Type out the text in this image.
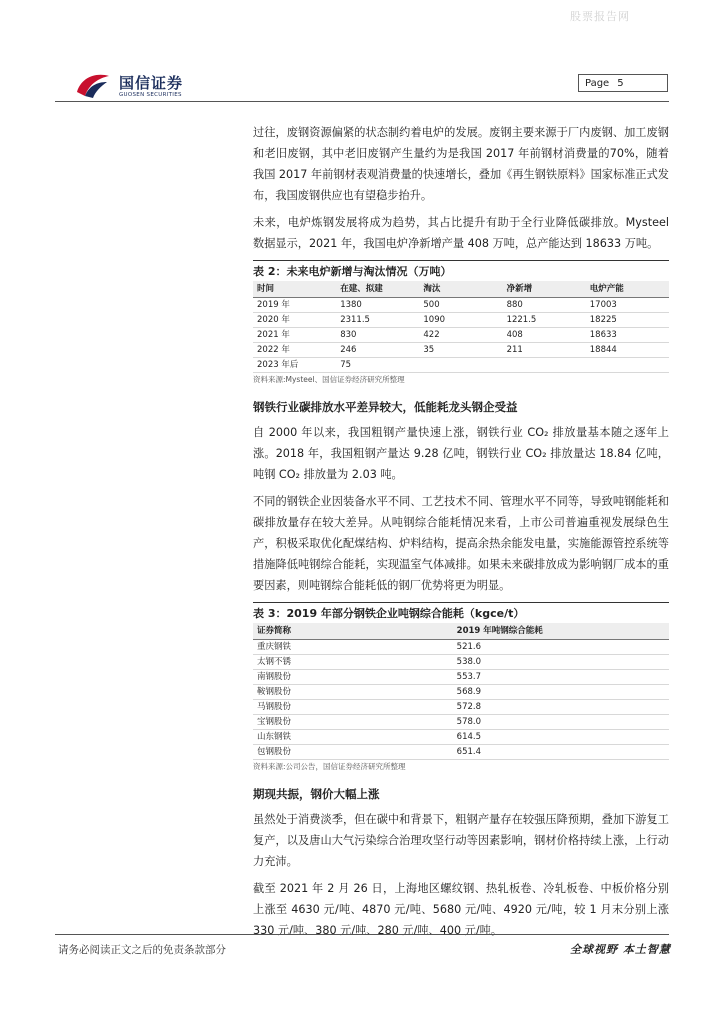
股票报告网
国信证券
GUOSEN SECURITIES
Page 5

过往，废钢资源偏紧的状态制约着电炉的发展。废钢主要来源于厂内废钢、加工废钢和老旧废钢，其中老旧废钢产生量约为是我国 2017 年前钢材消费量的70%，随着我国 2017 年前钢材表观消费量的快速增长，叠加《再生钢铁原料》国家标准正式发布，我国废钢供应也有望稳步抬升。

未来，电炉炼钢发展将成为趋势，其占比提升有助于全行业降低碳排放。Mysteel 数据显示，2021 年，我国电炉净新增产量 408 万吨，总产能达到 18633 万吨。

表 2：未来电炉新增与淘汰情况（万吨）
时间	在建、拟建	淘汰	净新增	电炉产能
2019 年	1380	500	880	17003
2020 年	2311.5	1090	1221.5	18225
2021 年	830	422	408	18633
2022 年	246	35	211	18844
2023 年后	75			
资料来源:Mysteel、国信证券经济研究所整理
钢铁行业碳排放水平差异较大，低能耗龙头钢企受益

自 2000 年以来，我国粗钢产量快速上涨，钢铁行业 CO₂ 排放量基本随之逐年上涨。2018 年，我国粗钢产量达 9.28 亿吨，钢铁行业 CO₂ 排放量达 18.84 亿吨，吨钢 CO₂ 排放量为 2.03 吨。

不同的钢铁企业因装备水平不同、工艺技术不同、管理水平不同等，导致吨钢能耗和碳排放量存在较大差异。从吨钢综合能耗情况来看，上市公司普遍重视发展绿色生产，积极采取优化配煤结构、炉料结构，提高余热余能发电量，实施能源管控系统等措施降低吨钢综合能耗，实现温室气体减排。如果未来碳排放成为影响钢厂成本的重要因素，则吨钢综合能耗低的钢厂优势将更为明显。

表 3：2019 年部分钢铁企业吨钢综合能耗（kgce/t）
证券简称	2019 年吨钢综合能耗
重庆钢铁	521.6
太钢不锈	538.0
南钢股份	553.7
鞍钢股份	568.9
马钢股份	572.8
宝钢股份	578.0
山东钢铁	614.5
包钢股份	651.4
资料来源:公司公告，国信证券经济研究所整理
期现共振，钢价大幅上涨

虽然处于消费淡季，但在碳中和背景下，粗钢产量存在较强压降预期，叠加下游复工复产，以及唐山大气污染综合治理攻坚行动等因素影响，钢材价格持续上涨，上行动力充沛。

截至 2021 年 2 月 26 日，上海地区螺纹钢、热轧板卷、冷轧板卷、中板价格分别上涨至 4630 元/吨、4870 元/吨、5680 元/吨、4920 元/吨，较 1 月末分别上涨 330 元/吨、380 元/吨、280 元/吨、400 元/吨。

请务必阅读正文之后的免责条款部分	全球视野 本土智慧
